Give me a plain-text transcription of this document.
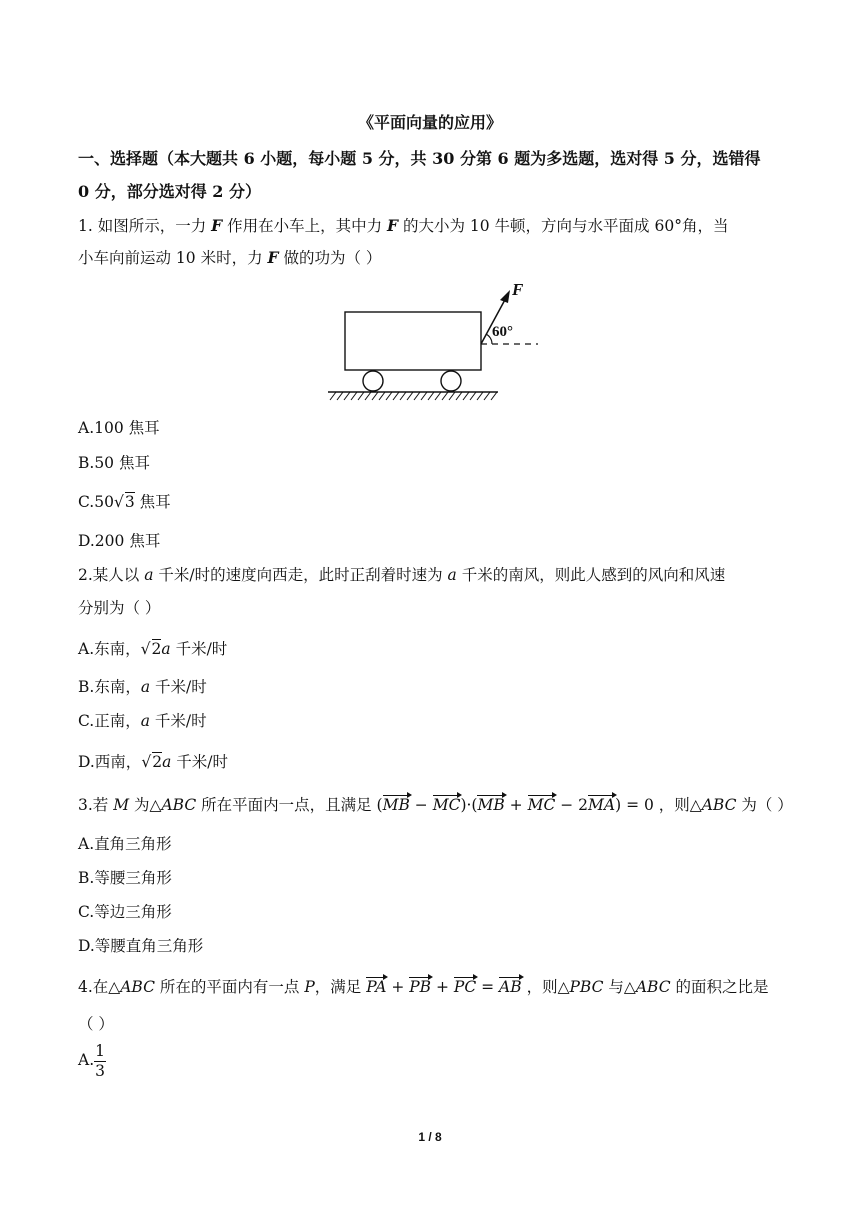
《平面向量的应用》
一、选择题（本大题共 6 小题，每小题 5 分，共 30 分第 6 题为多选题，选对得 5 分，选错得
0 分，部分选对得 2 分）
1. 如图所示，一力 F 作用在小车上，其中力 F 的大小为 10 牛顿，方向与水平面成 60°角，当
小车向前运动 10 米时，力 F 做的功为（ ）
F
60°
A.100 焦耳
B.50 焦耳
C.50√3 焦耳
D.200 焦耳
2.某人以 a 千米/时的速度向西走，此时正刮着时速为 a 千米的南风，则此人感到的风向和风速
分别为（ ）
A.东南，√2a 千米/时
B.东南，a 千米/时
C.正南，a 千米/时
D.西南，√2a 千米/时
3.若 M 为△ABC 所在平面内一点，且满足 (MB − MC)·(MB + MC − 2MA) = 0 ，则△ABC 为（ ）
A.直角三角形
B.等腰三角形
C.等边三角形
D.等腰直角三角形
4.在△ABC 所在的平面内有一点 P，满足 PA + PB + PC = AB ，则△PBC 与△ABC 的面积之比是
（ ）
A. $\frac{1}{3}$
1 / 8
